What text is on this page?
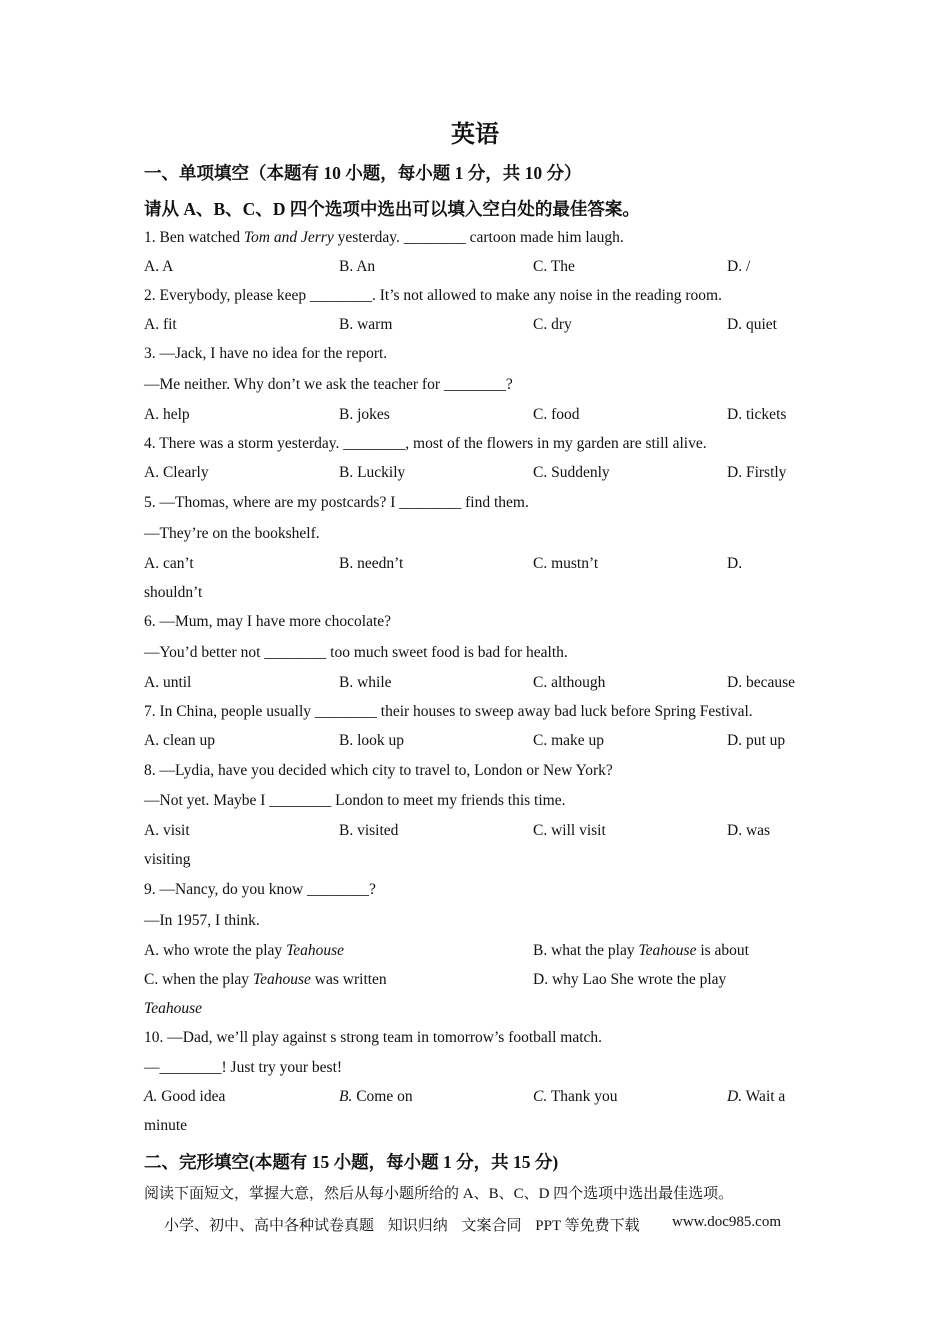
英语
一、单项填空（本题有 10 小题，每小题 1 分，共 10 分）
请从 A、B、C、D 四个选项中选出可以填入空白处的最佳答案。
1. Ben watched Tom and Jerry yesterday. ________ cartoon made him laugh.
A. A	B. An	C. The	D. /
2. Everybody, please keep ________. It’s not allowed to make any noise in the reading room.
A. fit	B. warm	C. dry	D. quiet
3. —Jack, I have no idea for the report.
—Me neither. Why don’t we ask the teacher for ________?
A. help	B. jokes	C. food	D. tickets
4. There was a storm yesterday. ________, most of the flowers in my garden are still alive.
A. Clearly	B. Luckily	C. Suddenly	D. Firstly
5. —Thomas, where are my postcards? I ________ find them.
—They’re on the bookshelf.
A. can’t	B. needn’t	C. mustn’t	D.
shouldn’t
6. —Mum, may I have more chocolate?
—You’d better not ________ too much sweet food is bad for health.
A. until	B. while	C. although	D. because
7. In China, people usually ________ their houses to sweep away bad luck before Spring Festival.
A. clean up	B. look up	C. make up	D. put up
8. —Lydia, have you decided which city to travel to, London or New York?
—Not yet. Maybe I ________ London to meet my friends this time.
A. visit	B. visited	C. will visit	D. was
visiting
9. —Nancy, do you know ________?
—In 1957, I think.
A. who wrote the play Teahouse	B. what the play Teahouse is about
C. when the play Teahouse was written	D. why Lao She wrote the play
Teahouse
10. —Dad, we’ll play against s strong team in tomorrow’s football match.
—________! Just try your best!
A. Good idea	B. Come on	C. Thank you	D. Wait a
minute
二、完形填空(本题有 15 小题，每小题 1 分，共 15 分)
阅读下面短文，掌握大意，然后从每小题所给的 A、B、C、D 四个选项中选出最佳选项。
小学、初中、高中各种试卷真题 知识归纳 文案合同 PPT 等免费下载 www.doc985.com
